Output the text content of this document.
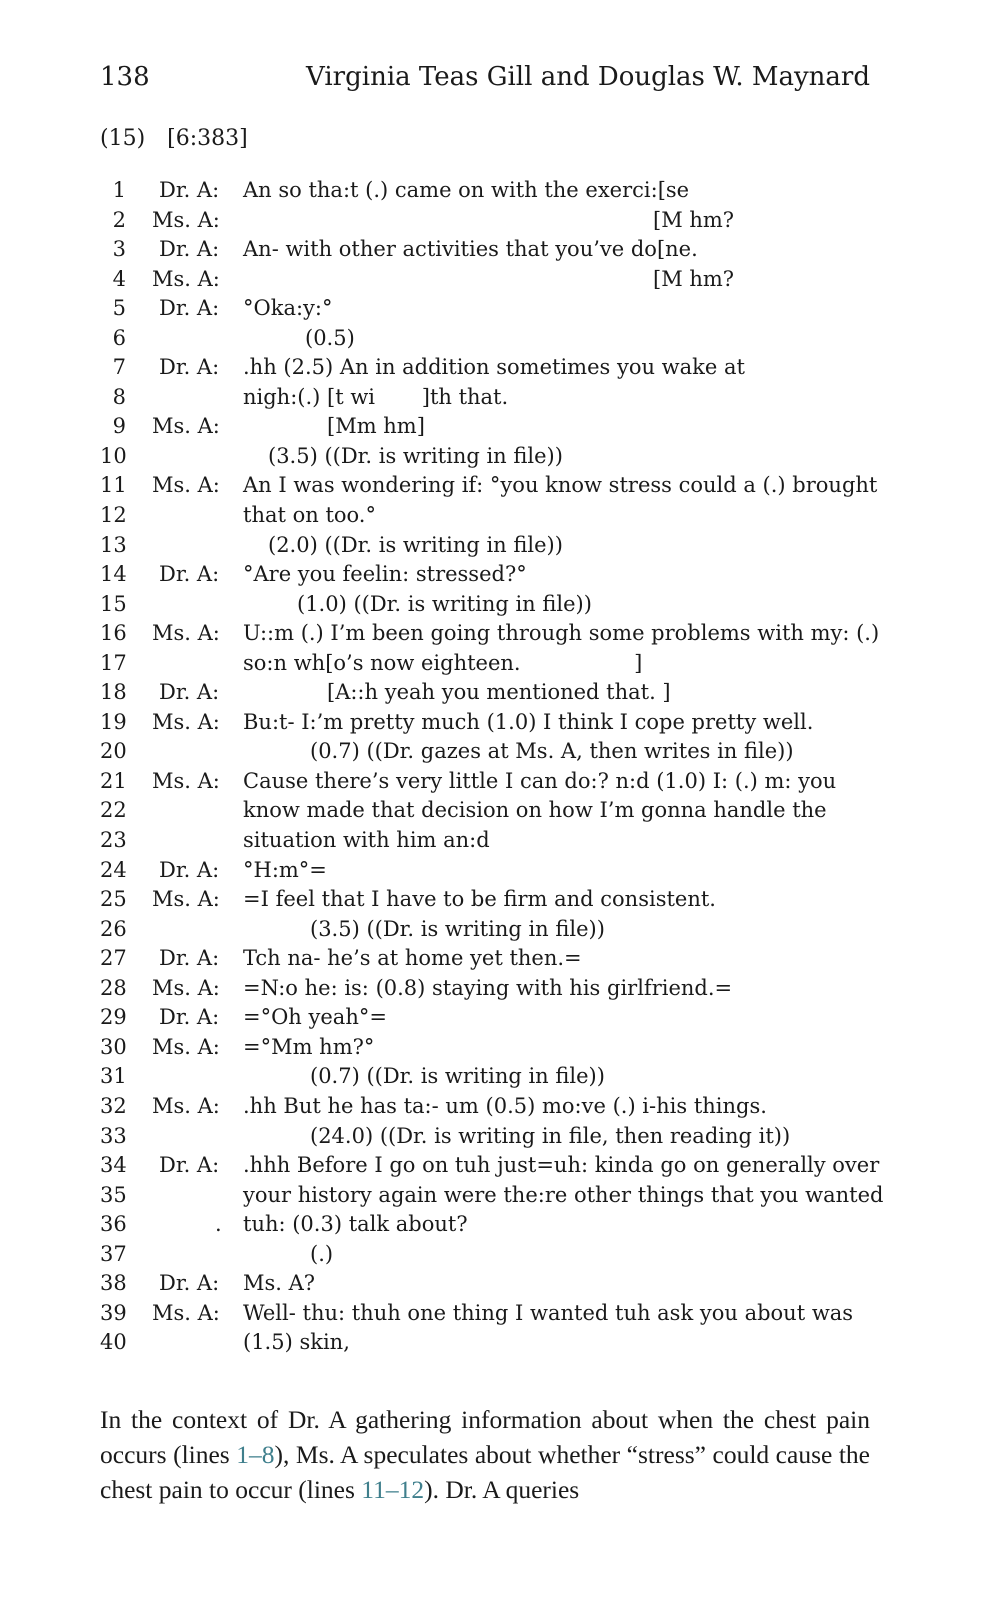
138	Virginia Teas Gill and Douglas W. Maynard
(15) [6:383]
1 Dr. A:	An so tha:t (.) came on with the exerci:[se
2 Ms. A:	[M hm?
3 Dr. A:	An- with other activities that you’ve do[ne.
4 Ms. A:	[M hm?
5 Dr. A:	°Oka:y:°
6	(0.5)
7 Dr. A:	.hh (2.5) An in addition sometimes you wake at
8	nigh:(.) [t wi       ]th that.
9 Ms. A:	[Mm hm]
10	(3.5) ((Dr. is writing in file))
11 Ms. A:	An I was wondering if: °you know stress could a (.) brought
12	that on too.°
13	(2.0) ((Dr. is writing in file))
14 Dr. A:	°Are you feelin: stressed?°
15	(1.0) ((Dr. is writing in file))
16 Ms. A:	U::m (.) I’m been going through some problems with my: (.)
17	so:n wh[o’s now eighteen.                 ]
18 Dr. A:	[A::h yeah you mentioned that. ]
19 Ms. A:	Bu:t- I:’m pretty much (1.0) I think I cope pretty well.
20	(0.7) ((Dr. gazes at Ms. A, then writes in file))
21 Ms. A:	Cause there’s very little I can do:? n:d (1.0) I: (.) m: you
22	know made that decision on how I’m gonna handle the
23	situation with him an:d
24 Dr. A:	°H:m°=
25 Ms. A:	=I feel that I have to be firm and consistent.
26	(3.5) ((Dr. is writing in file))
27 Dr. A:	Tch na- he’s at home yet then.=
28 Ms. A:	=N:o he: is: (0.8) staying with his girlfriend.=
29 Dr. A:	=°Oh yeah°=
30 Ms. A:	=°Mm hm?°
31	(0.7) ((Dr. is writing in file))
32 Ms. A:	.hh But he has ta:- um (0.5) mo:ve (.) i-his things.
33	(24.0) ((Dr. is writing in file, then reading it))
34 Dr. A:	.hhh Before I go on tuh just=uh: kinda go on generally over
35	your history again were the:re other things that you wanted
36	.	tuh: (0.3) talk about?
37	(.)
38 Dr. A:	Ms. A?
39 Ms. A:	Well- thu: thuh one thing I wanted tuh ask you about was
40	(1.5) skin,

In the context of Dr. A gathering information about when the chest pain occurs (lines 1–8), Ms. A speculates about whether “stress” could cause the chest pain to occur (lines 11–12). Dr. A queries
